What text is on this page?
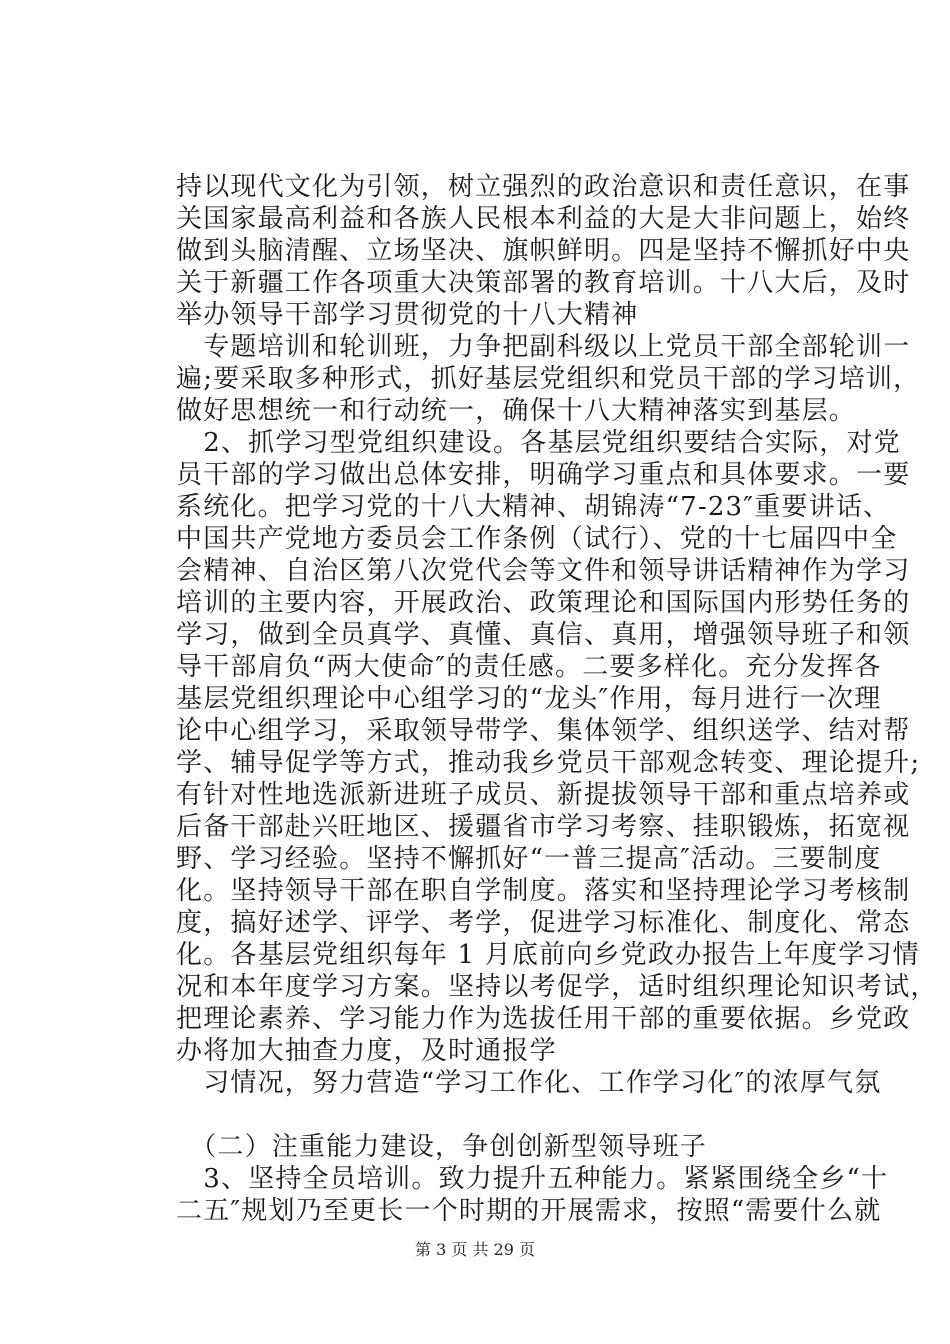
持以现代文化为引领，树立强烈的政治意识和责任意识，在事
关国家最高利益和各族人民根本利益的大是大非问题上，始终
做到头脑清醒、立场坚决、旗帜鲜明。四是坚持不懈抓好中央
关于新疆工作各项重大决策部署的教育培训。十八大后，及时
举办领导干部学习贯彻党的十八大精神
　专题培训和轮训班，力争把副科级以上党员干部全部轮训一
遍;要采取多种形式，抓好基层党组织和党员干部的学习培训，
做好思想统一和行动统一，确保十八大精神落实到基层。
　2、抓学习型党组织建设。各基层党组织要结合实际，对党
员干部的学习做出总体安排，明确学习重点和具体要求。一要
系统化。把学习党的十八大精神、胡锦涛“7-23″重要讲话、
中国共产党地方委员会工作条例（试行）、党的十七届四中全
会精神、自治区第八次党代会等文件和领导讲话精神作为学习
培训的主要内容，开展政治、政策理论和国际国内形势任务的
学习，做到全员真学、真懂、真信、真用，增强领导班子和领
导干部肩负“两大使命″的责任感。二要多样化。充分发挥各
基层党组织理论中心组学习的“龙头″作用，每月进行一次理
论中心组学习，采取领导带学、集体领学、组织送学、结对帮
学、辅导促学等方式，推动我乡党员干部观念转变、理论提升;
有针对性地选派新进班子成员、新提拔领导干部和重点培养或
后备干部赴兴旺地区、援疆省市学习考察、挂职锻炼，拓宽视
野、学习经验。坚持不懈抓好“一普三提高″活动。三要制度
化。坚持领导干部在职自学制度。落实和坚持理论学习考核制
度，搞好述学、评学、考学，促进学习标准化、制度化、常态
化。各基层党组织每年 1 月底前向乡党政办报告上年度学习情
况和本年度学习方案。坚持以考促学，适时组织理论知识考试，
把理论素养、学习能力作为选拔任用干部的重要依据。乡党政
办将加大抽查力度，及时通报学
　习情况，努力营造“学习工作化、工作学习化″的浓厚气氛
　（二）注重能力建设，争创创新型领导班子
　3、坚持全员培训。致力提升五种能力。紧紧围绕全乡“十
二五″规划乃至更长一个时期的开展需求，按照“需要什么就
第 3 页 共 29 页
